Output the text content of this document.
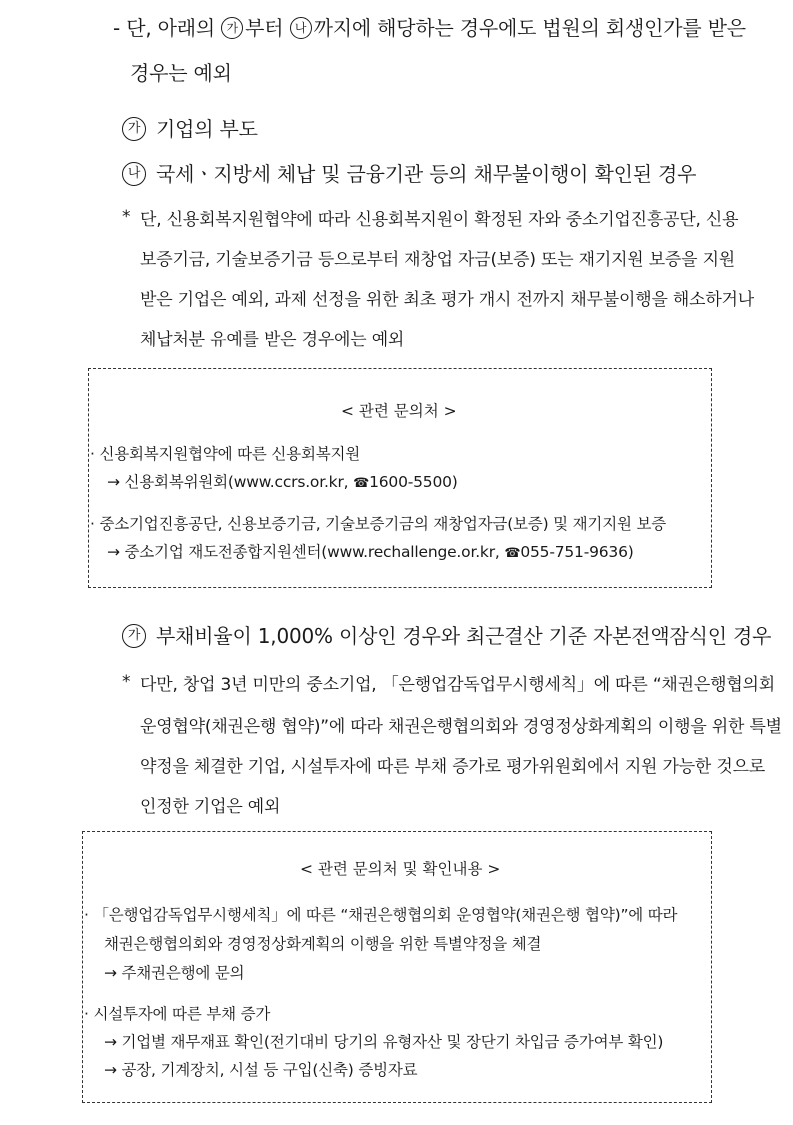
- 단, 아래의 가 부터 나 까지에 해당하는 경우에도 법원의 회생인가를 받은
경우는 예외
가 기업의 부도
나 국세ㆍ지방세 체납 및 금융기관 등의 채무불이행이 확인된 경우
* 단, 신용회복지원협약에 따라 신용회복지원이 확정된 자와 중소기업진흥공단, 신용
보증기금, 기술보증기금 등으로부터 재창업 자금(보증) 또는 재기지원 보증을 지원
받은 기업은 예외, 과제 선정을 위한 최초 평가 개시 전까지 채무불이행을 해소하거나
체납처분 유예를 받은 경우에는 예외
< 관련 문의처 >
· 신용회복지원협약에 따른 신용회복지원
→ 신용회복위원회(www.ccrs.or.kr, ☎1600-5500)
· 중소기업진흥공단, 신용보증기금, 기술보증기금의 재창업자금(보증) 및 재기지원 보증
→ 중소기업 재도전종합지원센터(www.rechallenge.or.kr, ☎055-751-9636)
가 부채비율이 1,000% 이상인 경우와 최근결산 기준 자본전액잠식인 경우
* 다만, 창업 3년 미만의 중소기업, 「은행업감독업무시행세칙」에 따른 “채권은행협의회
운영협약(채권은행 협약)”에 따라 채권은행협의회와 경영정상화계획의 이행을 위한 특별
약정을 체결한 기업, 시설투자에 따른 부채 증가로 평가위원회에서 지원 가능한 것으로
인정한 기업은 예외
< 관련 문의처 및 확인내용 >
· 「은행업감독업무시행세칙」에 따른 “채권은행협의회 운영협약(채권은행 협약)”에 따라
채권은행협의회와 경영정상화계획의 이행을 위한 특별약정을 체결
→ 주채권은행에 문의
· 시설투자에 따른 부채 증가
→ 기업별 재무재표 확인(전기대비 당기의 유형자산 및 장단기 차입금 증가여부 확인)
→ 공장, 기계장치, 시설 등 구입(신축) 증빙자료
